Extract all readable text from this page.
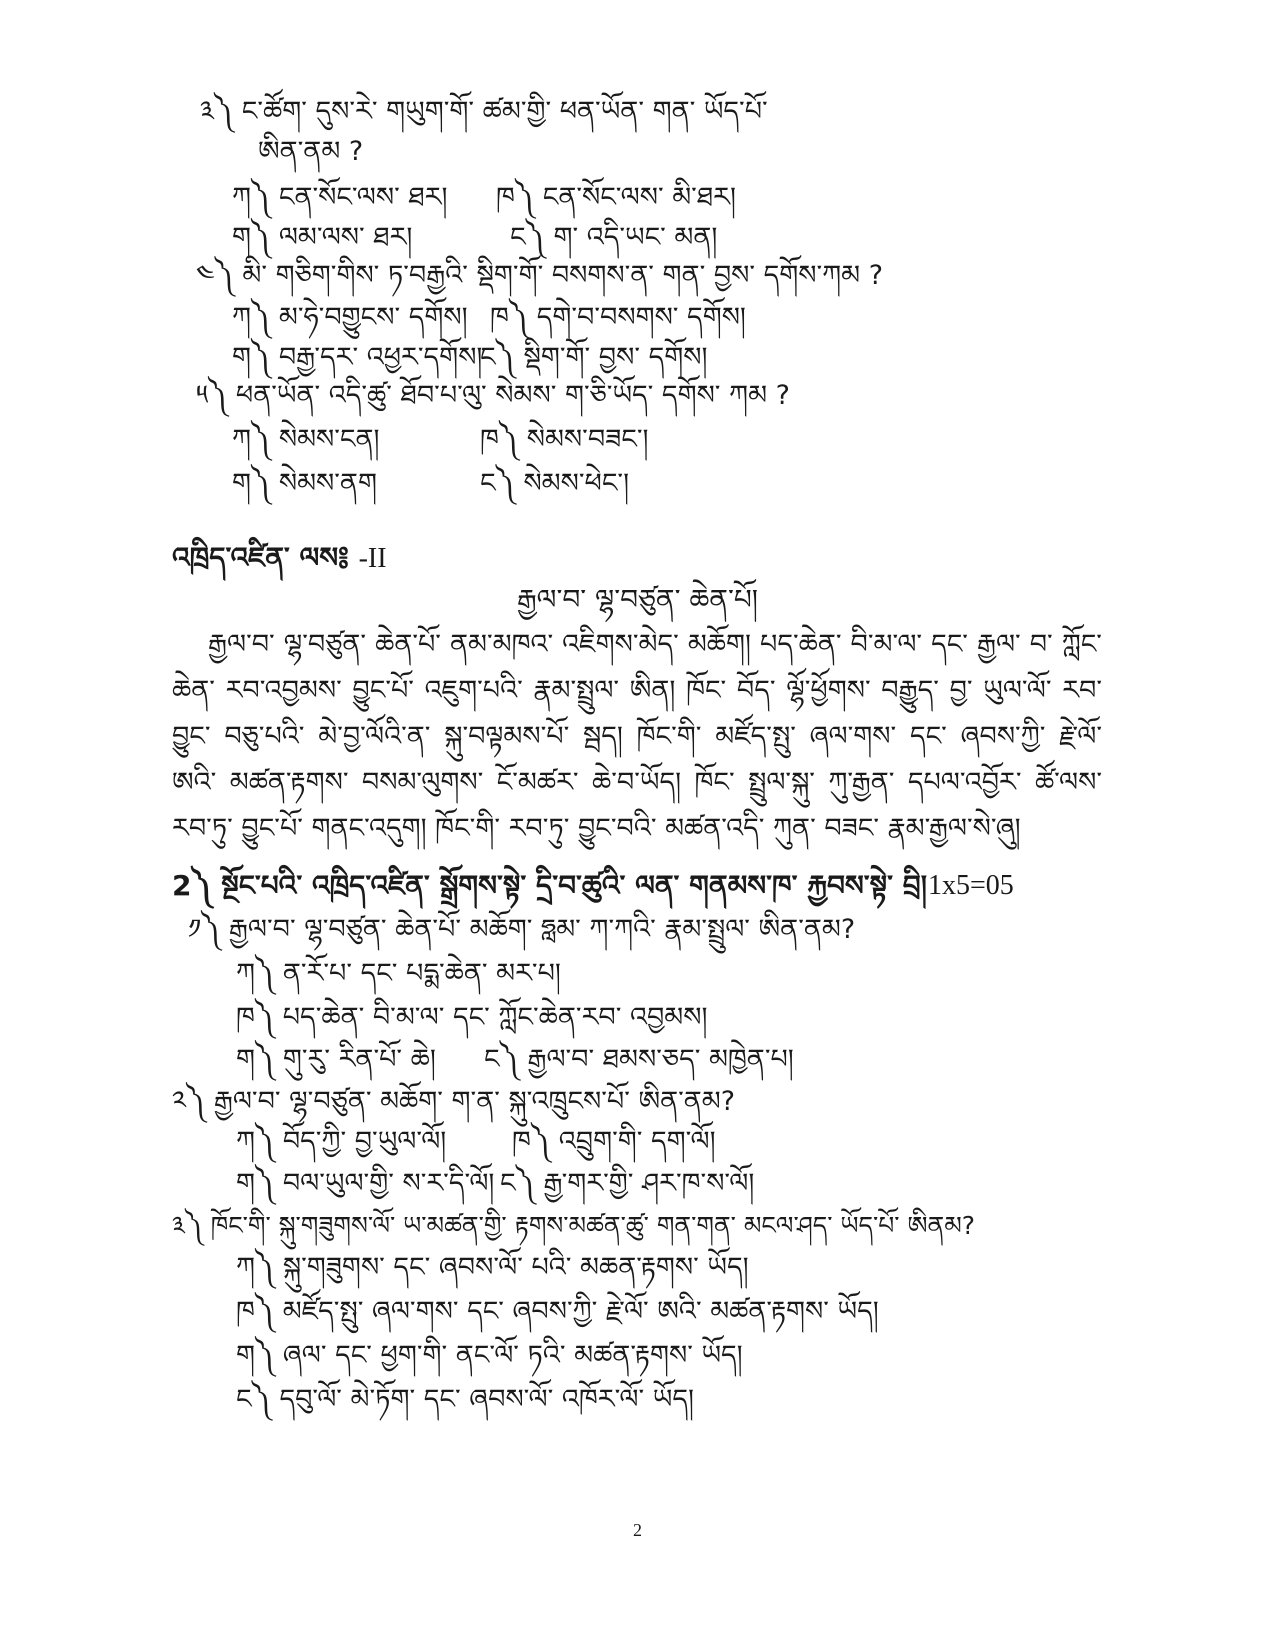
༣༽ ང་ཚོག་ དུས་རེ་ གཡུག་གོ་ ཚམ་གྱི་ ཕན་ཡོན་ གན་ ཡོད་པོ་
ཨིན་ནམ ?
ཀ༽ ངན་སོང་ལས་ ཐར། ཁ༽ ངན་སོང་ལས་ མི་ཐར།
ག༽ ལམ་ལས་ ཐར།	ང༽ ག་ འདི་ཡང་ མན།
༤༽ མི་ གཅིག་གིས་ ཏ་བརྒྱའི་ སྡིག་གོ་ བསགས་ན་ གན་ བྱས་ དགོས་ཀམ ?
ཀ༽ མ་ཧེ་བགྱུངས་ དགོས། ཁ༽ དགེ་བ་བསགས་ དགོས།
ག༽ བརྒྱ་དར་ འཕྱར་དགོས།
ང༽ སྡིག་གོ་ བྱས་ དགོས།
༥༽ ཕན་ཡོན་ འདི་ཚུ་ ཐོབ་པ་ལུ་ སེམས་ ག་ཅི་ཡོད་ དགོས་ ཀམ ?
ཀ༽ སེམས་ངན།	ཁ༽ སེམས་བཟང་།
ག༽ སེམས་ནག	ང༽ སེམས་ཕེང་།
འཁྲིད་འཛིན་ ལས༔ -II
རྒྱལ་བ་ ལྷ་བཙུན་ ཆེན་པོ།
རྒྱལ་བ་ ལྷ་བཙུན་ ཆེན་པོ་ ནམ་མཁའ་ འཇིགས་མེད་ མཆོག། པད་ཆེན་ བི་མ་ལ་ དང་ རྒྱལ་ བ་ ཀློང་ཆེན་ རབ་འབྱམས་ བྱུང་པོ་ འཇུག་པའི་ རྣམ་སྤྲུལ་ ཨིན། ཁོང་ བོད་ ལྷོ་ཕྱོགས་ བརྒྱུད་ བྱ་ ཡུལ་ལོ་ རབ་བྱུང་ བཅུ་པའི་ མེ་བྱ་ལོའི་ན་ སྐུ་བལྟམས་པོ་ སྦད། ཁོང་གི་ མཛོད་སྤུ་ ཞལ་གས་ དང་ ཞབས་ཀྱི་ རྗེ་ལོ་ ཨའི་ མཚན་རྟགས་ བསམ་ལུགས་ ངོ་མཚར་ ཆེ་བ་ཡོད། ཁོང་ སྤྲུལ་སྐུ་ ཀུ་རྒྱན་ དཔལ་འབྱོར་ ཚོ་ལས་ རབ་ཏུ་ བྱུང་པོ་ གནང་འདུག། ཁོང་གི་ རབ་ཏུ་ བྱུང་བའི་ མཚན་འདི་ ཀུན་ བཟང་ རྣམ་རྒྱལ་སེ་ཞུ།
2༽ སྔོང་པའི་ འཁྲིད་འཛིན་ སྒྲོགས་སྟེ་ དྲི་བ་ཚུའི་ ལན་ གནམས་ཁ་ རྐྱབས་སྟེ་ བྲི། 1x5=05
༡༽ རྒྱལ་བ་ ལྷ་བཙུན་ ཆེན་པོ་ མཆོག་ ཧླམ་ ཀ་ཀའི་ རྣམ་སྤྲུལ་ ཨིན་ནམ?
ཀ༽ ན་རོ་པ་ དང་ པདྨ་ཆེན་ མར་པ།
ཁ༽ པད་ཆེན་ བི་མ་ལ་ དང་ ཀློང་ཆེན་རབ་ འབྱམས།
ག༽ གུ་རུ་ རིན་པོ་ ཆེ། ང༽ རྒྱལ་བ་ ཐམས་ཅད་ མཁྱེན་པ།
༢༽ རྒྱལ་བ་ ལྷ་བཙུན་ མཆོག་ ག་ན་ སྐུ་འཁྲུངས་པོ་ ཨིན་ནམ?
ཀ༽ བོད་ཀྱི་ བྱ་ཡུལ་ལོ། ཁ༽ འབྲུག་གི་ དག་ལོ།
ག༽ བལ་ཡུལ་གྱི་ ས་ར་དི་ལོ། ང༽ རྒྱ་གར་གྱི་ ཤར་ཁ་ས་ལོ།
༣༽ ཁོང་གི་ སྐུ་གཟུགས་ལོ་ ཡ་མཚན་གྱི་ རྟགས་མཚན་ཚུ་ གན་གན་ མངལ་ཤད་ ཡོད་པོ་ ཨིནམ?
ཀ༽ སྐུ་གཟུགས་ དང་ ཞབས་ལོ་ པའི་ མཆན་རྟགས་ ཡོད།
ཁ༽ མཛོད་སྤུ་ ཞལ་གས་ དང་ ཞབས་ཀྱི་ རྗེ་ལོ་ ཨའི་ མཚན་རྟགས་ ཡོད།
ག༽ ཞལ་ དང་ ཕྱག་གི་ ནང་ལོ་ ཏའི་ མཚན་རྟགས་ ཡོད།
ང༽ དབུ་ལོ་ མེ་ཏོག་ དང་ ཞབས་ལོ་ འཁོར་ལོ་ ཡོད།
2
